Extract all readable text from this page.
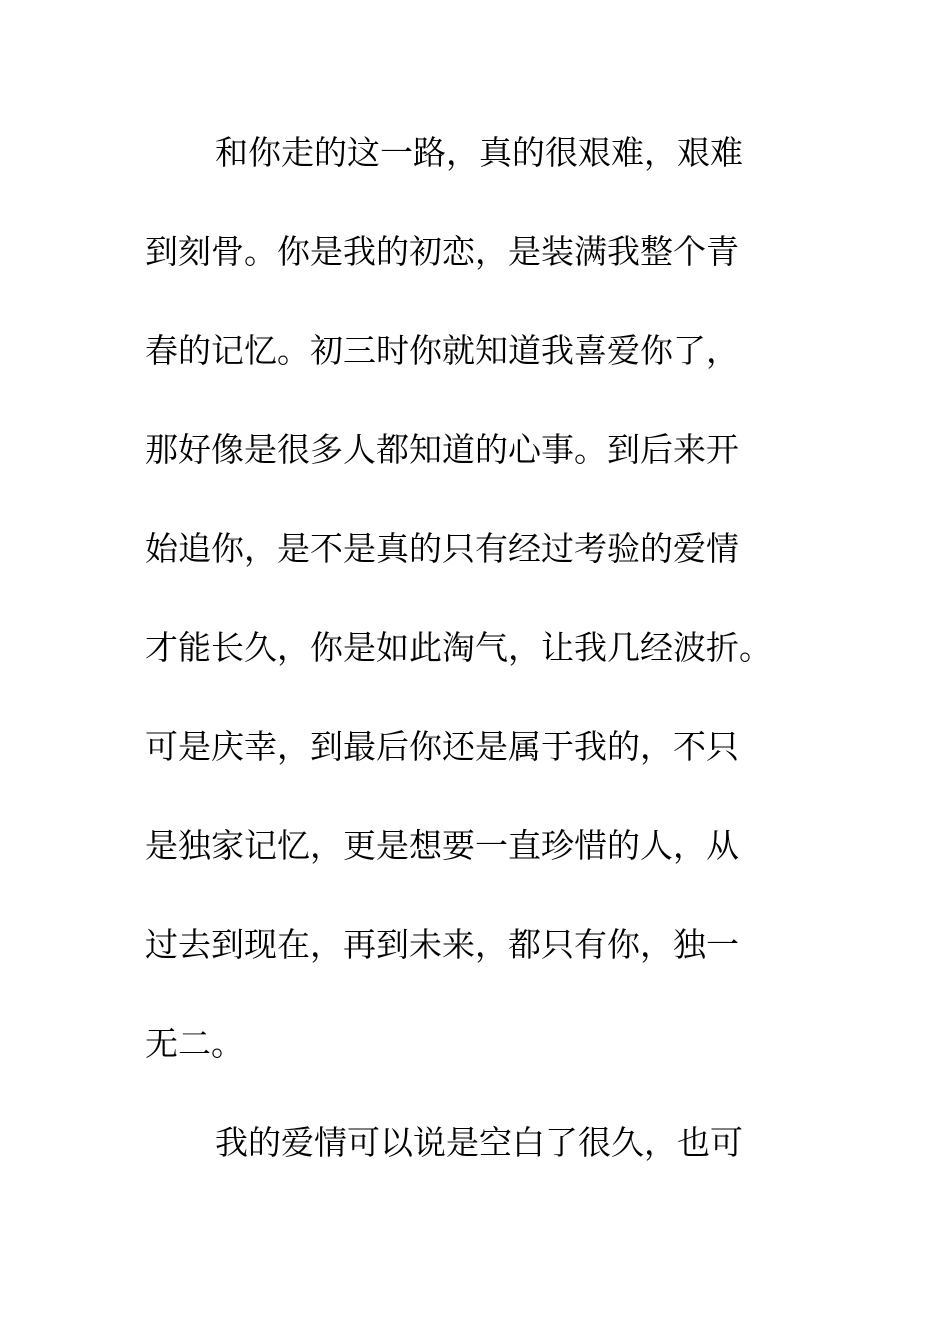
和你走的这一路，真的很艰难，艰难
到刻骨。你是我的初恋，是装满我整个青
春的记忆。初三时你就知道我喜爱你了，
那好像是很多人都知道的心事。到后来开
始追你，是不是真的只有经过考验的爱情
才能长久，你是如此淘气，让我几经波折。
可是庆幸，到最后你还是属于我的，不只
是独家记忆，更是想要一直珍惜的人，从
过去到现在，再到未来，都只有你，独一
无二。
我的爱情可以说是空白了很久，也可
